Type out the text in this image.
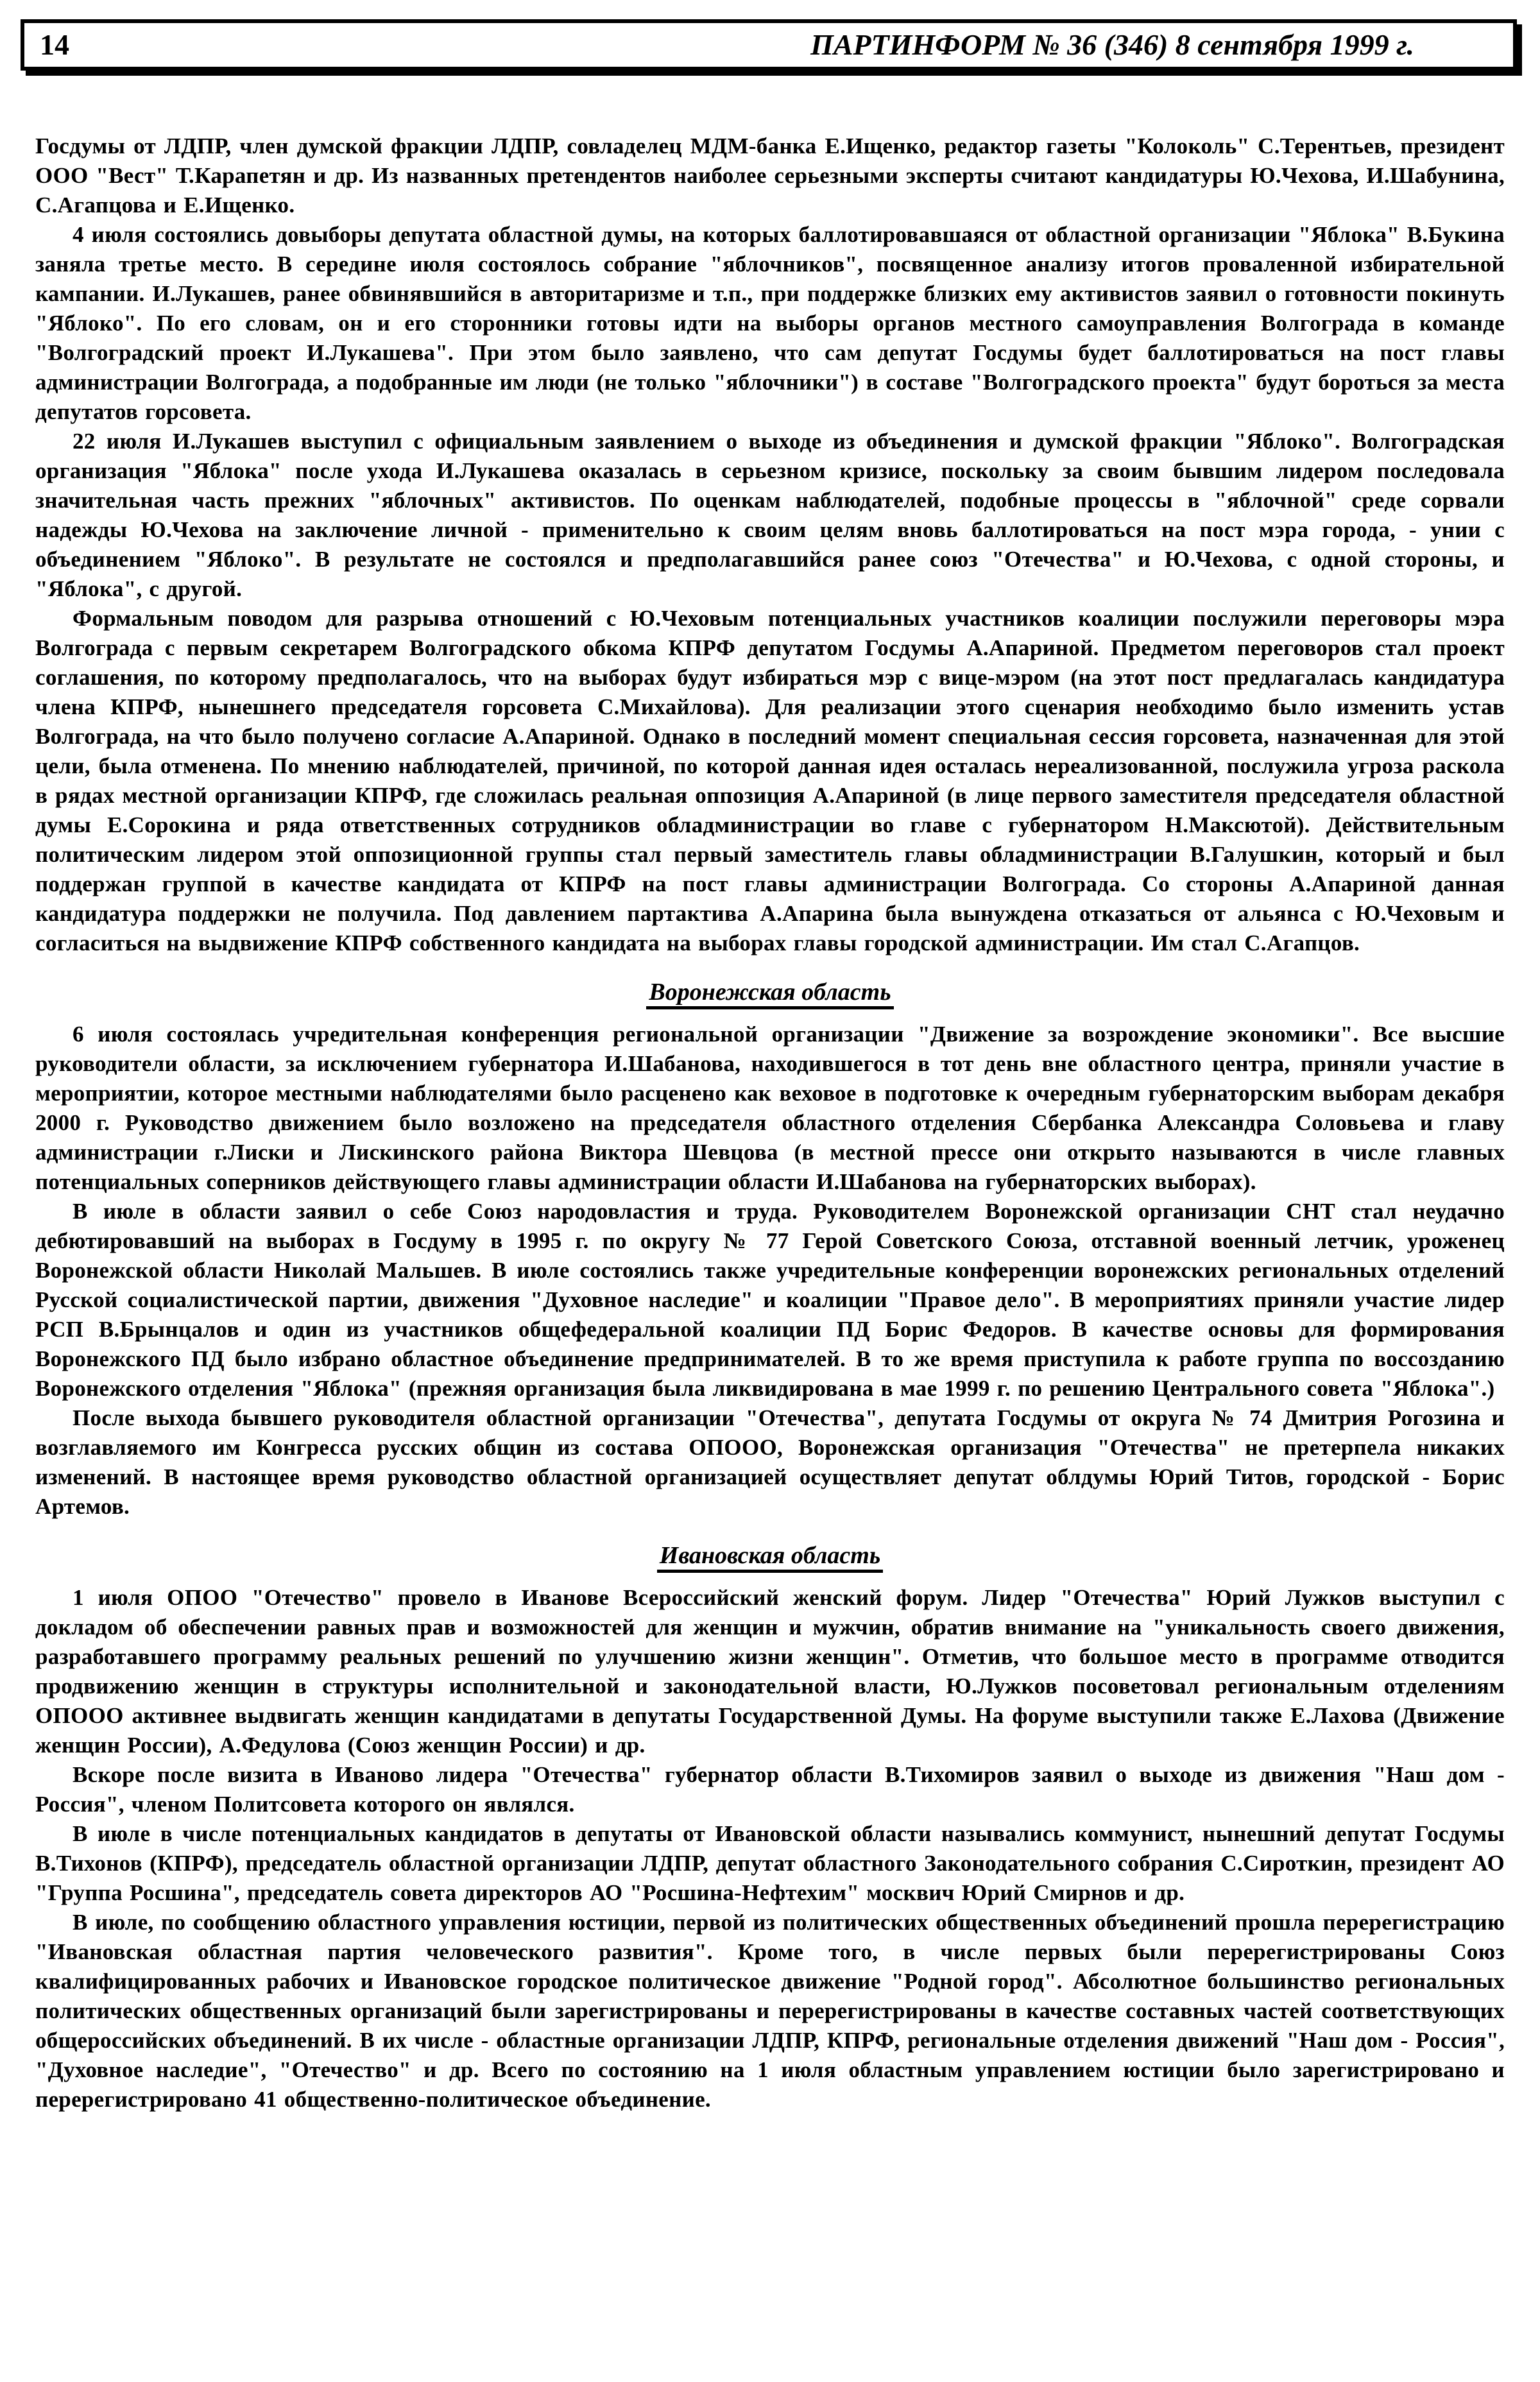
14	ПАРТИНФОРМ № 36 (346) 8 сентября 1999 г.

Госдумы от ЛДПР, член думской фракции ЛДПР, совладелец МДМ-банка Е.Ищенко, редактор газеты "Колоколь" С.Терентьев, президент ООО "Вест" Т.Карапетян и др. Из названных претендентов наиболее серьезными эксперты считают кандидатуры Ю.Чехова, И.Шабунина, С.Агапцова и Е.Ищенко.

4 июля состоялись довыборы депутата областной думы, на которых баллотировавшаяся от областной организации "Яблока" В.Букина заняла третье место. В середине июля состоялось собрание "яблочников", посвященное анализу итогов проваленной избирательной кампании. И.Лукашев, ранее обвинявшийся в авторитаризме и т.п., при поддержке близких ему активистов заявил о готовности покинуть "Яблоко". По его словам, он и его сторонники готовы идти на выборы органов местного самоуправления Волгограда в команде "Волгоградский проект И.Лукашева". При этом было заявлено, что сам депутат Госдумы будет баллотироваться на пост главы администрации Волгограда, а подобранные им люди (не только "яблочники") в составе "Волгоградского проекта" будут бороться за места депутатов горсовета.

22 июля И.Лукашев выступил с официальным заявлением о выходе из объединения и думской фракции "Яблоко". Волгоградская организация "Яблока" после ухода И.Лукашева оказалась в серьезном кризисе, поскольку за своим бывшим лидером последовала значительная часть прежних "яблочных" активистов. По оценкам наблюдателей, подобные процессы в "яблочной" среде сорвали надежды Ю.Чехова на заключение личной - применительно к своим целям вновь баллотироваться на пост мэра города, - унии с объединением "Яблоко". В результате не состоялся и предполагавшийся ранее союз "Отечества" и Ю.Чехова, с одной стороны, и "Яблока", с другой.

Формальным поводом для разрыва отношений с Ю.Чеховым потенциальных участников коалиции послужили переговоры мэра Волгограда с первым секретарем Волгоградского обкома КПРФ депутатом Госдумы А.Апариной. Предметом переговоров стал проект соглашения, по которому предполагалось, что на выборах будут избираться мэр с вице-мэром (на этот пост предлагалась кандидатура члена КПРФ, нынешнего председателя горсовета С.Михайлова). Для реализации этого сценария необходимо было изменить устав Волгограда, на что было получено согласие А.Апариной. Однако в последний момент специальная сессия горсовета, назначенная для этой цели, была отменена. По мнению наблюдателей, причиной, по которой данная идея осталась нереализованной, послужила угроза раскола в рядах местной организации КПРФ, где сложилась реальная оппозиция А.Апариной (в лице первого заместителя председателя областной думы Е.Сорокина и ряда ответственных сотрудников обладминистрации во главе с губернатором Н.Максютой). Действительным политическим лидером этой оппозиционной группы стал первый заместитель главы обладминистрации В.Галушкин, который и был поддержан группой в качестве кандидата от КПРФ на пост главы администрации Волгограда. Со стороны А.Апариной данная кандидатура поддержки не получила. Под давлением партактива А.Апарина была вынуждена отказаться от альянса с Ю.Чеховым и согласиться на выдвижение КПРФ собственного кандидата на выборах главы городской администрации. Им стал С.Агапцов.

Воронежская область

6 июля состоялась учредительная конференция региональной организации "Движение за возрождение экономики". Все высшие руководители области, за исключением губернатора И.Шабанова, находившегося в тот день вне областного центра, приняли участие в мероприятии, которое местными наблюдателями было расценено как веховое в подготовке к очередным губернаторским выборам декабря 2000 г. Руководство движением было возложено на председателя областного отделения Сбербанка Александра Соловьева и главу администрации г.Лиски и Лискинского района Виктора Шевцова (в местной прессе они открыто называются в числе главных потенциальных соперников действующего главы администрации области И.Шабанова на губернаторских выборах).

В июле в области заявил о себе Союз народовластия и труда. Руководителем Воронежской организации СНТ стал неудачно дебютировавший на выборах в Госдуму в 1995 г. по округу № 77 Герой Советского Союза, отставной военный летчик, уроженец Воронежской области Николай Мальшев. В июле состоялись также учредительные конференции воронежских региональных отделений Русской социалистической партии, движения "Духовное наследие" и коалиции "Правое дело". В мероприятиях приняли участие лидер РСП В.Брынцалов и один из участников общефедеральной коалиции ПД Борис Федоров. В качестве основы для формирования Воронежского ПД было избрано областное объединение предпринимателей. В то же время приступила к работе группа по воссозданию Воронежского отделения "Яблока" (прежняя организация была ликвидирована в мае 1999 г. по решению Центрального совета "Яблока".)

После выхода бывшего руководителя областной организации "Отечества", депутата Госдумы от округа № 74 Дмитрия Рогозина и возглавляемого им Конгресса русских общин из состава ОПООО, Воронежская организация "Отечества" не претерпела никаких изменений. В настоящее время руководство областной организацией осуществляет депутат облдумы Юрий Титов, городской - Борис Артемов.

Ивановская область

1 июля ОПОО "Отечество" провело в Иванове Всероссийский женский форум. Лидер "Отечества" Юрий Лужков выступил с докладом об обеспечении равных прав и возможностей для женщин и мужчин, обратив внимание на "уникальность своего движения, разработавшего программу реальных решений по улучшению жизни женщин". Отметив, что большое место в программе отводится продвижению женщин в структуры исполнительной и законодательной власти, Ю.Лужков посоветовал региональным отделениям ОПООО активнее выдвигать женщин кандидатами в депутаты Государственной Думы. На форуме выступили также Е.Лахова (Движение женщин России), А.Федулова (Союз женщин России) и др.

Вскоре после визита в Иваново лидера "Отечества" губернатор области В.Тихомиров заявил о выходе из движения "Наш дом - Россия", членом Политсовета которого он являлся.

В июле в числе потенциальных кандидатов в депутаты от Ивановской области назывались коммунист, нынешний депутат Госдумы В.Тихонов (КПРФ), председатель областной организации ЛДПР, депутат областного Законодательного собрания С.Сироткин, президент АО "Группа Росшина", председатель совета директоров АО "Росшина-Нефтехим" москвич Юрий Смирнов и др.

В июле, по сообщению областного управления юстиции, первой из политических общественных объединений прошла перерегистрацию "Ивановская областная партия человеческого развития". Кроме того, в числе первых были перерегистрированы Союз квалифицированных рабочих и Ивановское городское политическое движение "Родной город". Абсолютное большинство региональных политических общественных организаций были зарегистрированы и перерегистрированы в качестве составных частей соответствующих общероссийских объединений. В их числе - областные организации ЛДПР, КПРФ, региональные отделения движений "Наш дом - Россия", "Духовное наследие", "Отечество" и др. Всего по состоянию на 1 июля областным управлением юстиции было зарегистрировано и перерегистрировано 41 общественно-политическое объединение.
